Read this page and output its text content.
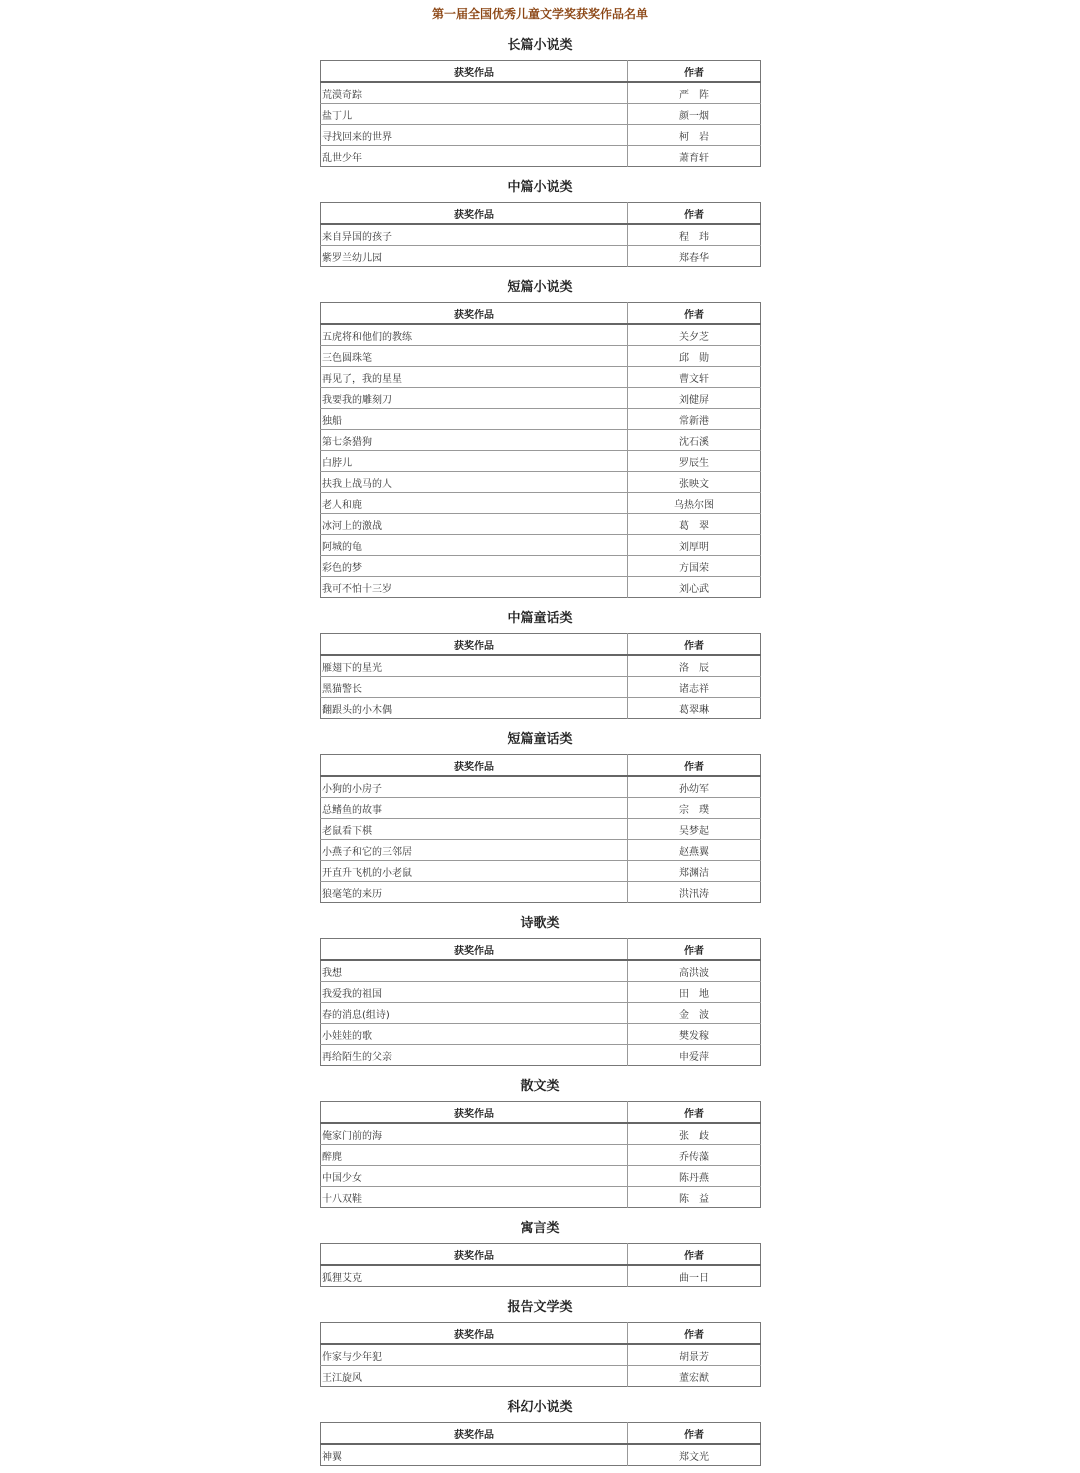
第一届全国优秀儿童文学奖获奖作品名单
长篇小说类
获奖作品	作者
荒漠奇踪	严　阵
盐丁儿	颜一烟
寻找回来的世界	柯　岩
乱世少年	萧育轩
中篇小说类
获奖作品	作者
来自异国的孩子	程　玮
紫罗兰幼儿园	郑春华
短篇小说类
获奖作品	作者
五虎将和他们的教练	关夕芝
三色圆珠笔	邱　勋
再见了，我的星星	曹文轩
我要我的雕刻刀	刘健屏
独船	常新港
第七条猎狗	沈石溪
白脖儿	罗辰生
扶我上战马的人	张映文
老人和鹿	乌热尔图
冰河上的激战	葛　翠
阿城的龟	刘厚明
彩色的梦	方国荣
我可不怕十三岁	刘心武
中篇童话类
获奖作品	作者
雁翅下的星光	洛　辰
黑猫警长	诸志祥
翻跟头的小木偶	葛翠琳
短篇童话类
获奖作品	作者
小狗的小房子	孙幼军
总鳍鱼的故事	宗　璞
老鼠看下棋	吴梦起
小燕子和它的三邻居	赵燕翼
开直升飞机的小老鼠	郑渊洁
狼毫笔的来历	洪汛涛
诗歌类
获奖作品	作者
我想	高洪波
我爱我的祖国	田　地
春的消息(组诗)	金　波
小娃娃的歌	樊发稼
再给陌生的父亲	申爱萍
散文类
获奖作品	作者
俺家门前的海	张　歧
醉麂	乔传藻
中国少女	陈丹燕
十八双鞋	陈　益
寓言类
获奖作品	作者
狐狸艾克	曲一日
报告文学类
获奖作品	作者
作家与少年犯	胡景芳
王江旋风	董宏猷
科幻小说类
获奖作品	作者
神翼	郑文光
